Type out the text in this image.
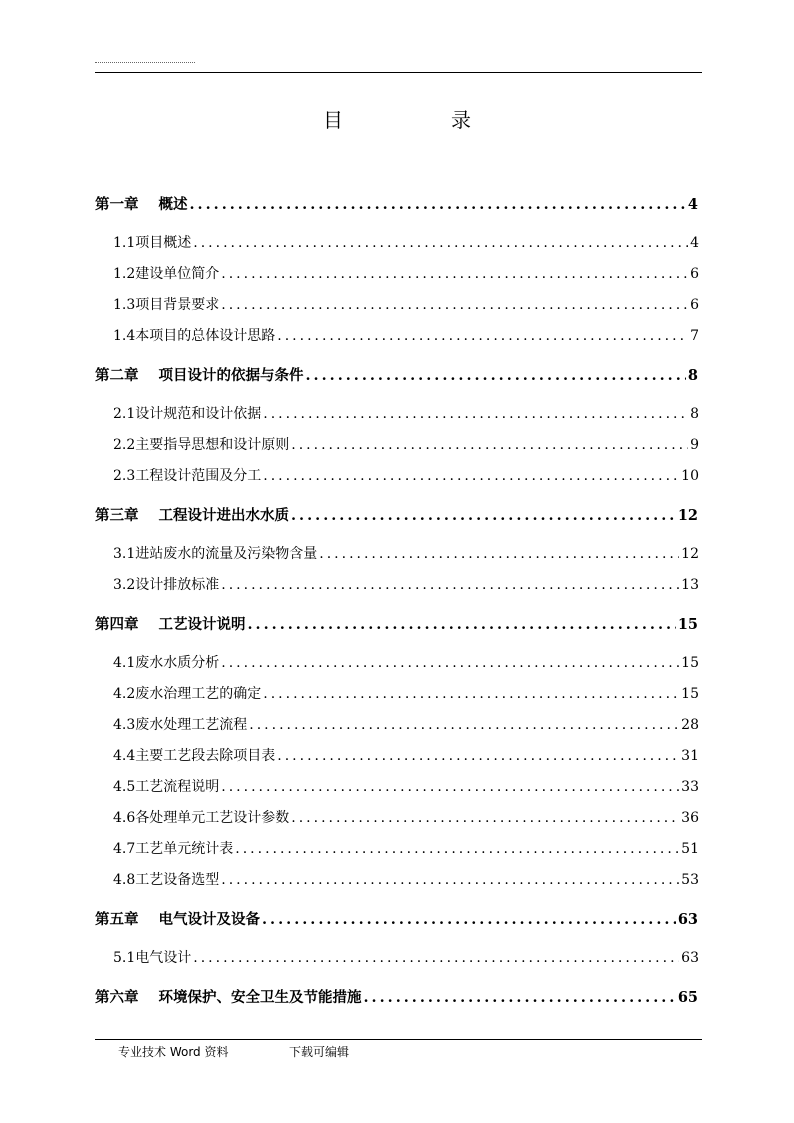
目　录
第一章 概述 .....	4
1.1项目概述 .....	4
1.2建设单位简介 .....	6
1.3项目背景要求 .....	6
1.4本项目的总体设计思路 .....	7
第二章 项目设计的依据与条件 .....	8
2.1设计规范和设计依据 .....	8
2.2主要指导思想和设计原则 .....	9
2.3工程设计范围及分工 .....	10
第三章 工程设计进出水水质 .....	12
3.1进站废水的流量及污染物含量 .....	12
3.2设计排放标准 .....	13
第四章 工艺设计说明 .....	15
4.1废水水质分析 .....	15
4.2废水治理工艺的确定 .....	15
4.3废水处理工艺流程 .....	28
4.4主要工艺段去除项目表 .....	31
4.5工艺流程说明 .....	33
4.6各处理单元工艺设计参数 .....	36
4.7工艺单元统计表 .....	51
4.8工艺设备选型 .....	53
第五章 电气设计及设备 .....	63
5.1电气设计 .....	63
第六章 环境保护、安全卫生及节能措施 .....	65
专业技术 Word 资料	下载可编辑
